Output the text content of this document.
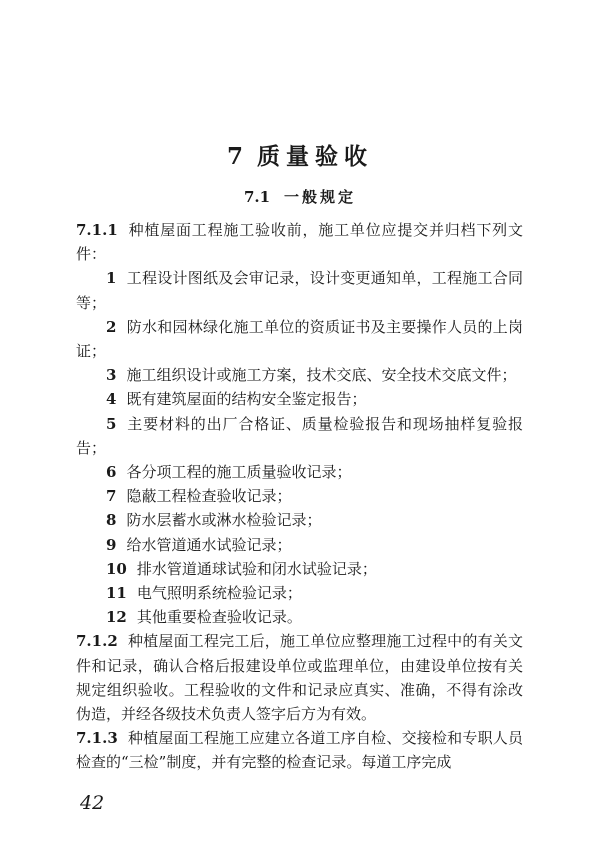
7 质量验收
7.1 一般规定

7.1.1 种植屋面工程施工验收前，施工单位应提交并归档下列文件：

1 工程设计图纸及会审记录，设计变更通知单，工程施工合同等；

2 防水和园林绿化施工单位的资质证书及主要操作人员的上岗证；

3 施工组织设计或施工方案，技术交底、安全技术交底文件；

4 既有建筑屋面的结构安全鉴定报告；

5 主要材料的出厂合格证、质量检验报告和现场抽样复验报告；

6 各分项工程的施工质量验收记录；

7 隐蔽工程检查验收记录；

8 防水层蓄水或淋水检验记录；

9 给水管道通水试验记录；

10 排水管道通球试验和闭水试验记录；

11 电气照明系统检验记录；

12 其他重要检查验收记录。

7.1.2 种植屋面工程完工后，施工单位应整理施工过程中的有关文件和记录，确认合格后报建设单位或监理单位，由建设单位按有关规定组织验收。工程验收的文件和记录应真实、准确，不得有涂改伪造，并经各级技术负责人签字后方为有效。

7.1.3 种植屋面工程施工应建立各道工序自检、交接检和专职人员检查的“三检”制度，并有完整的检查记录。每道工序完成

42
